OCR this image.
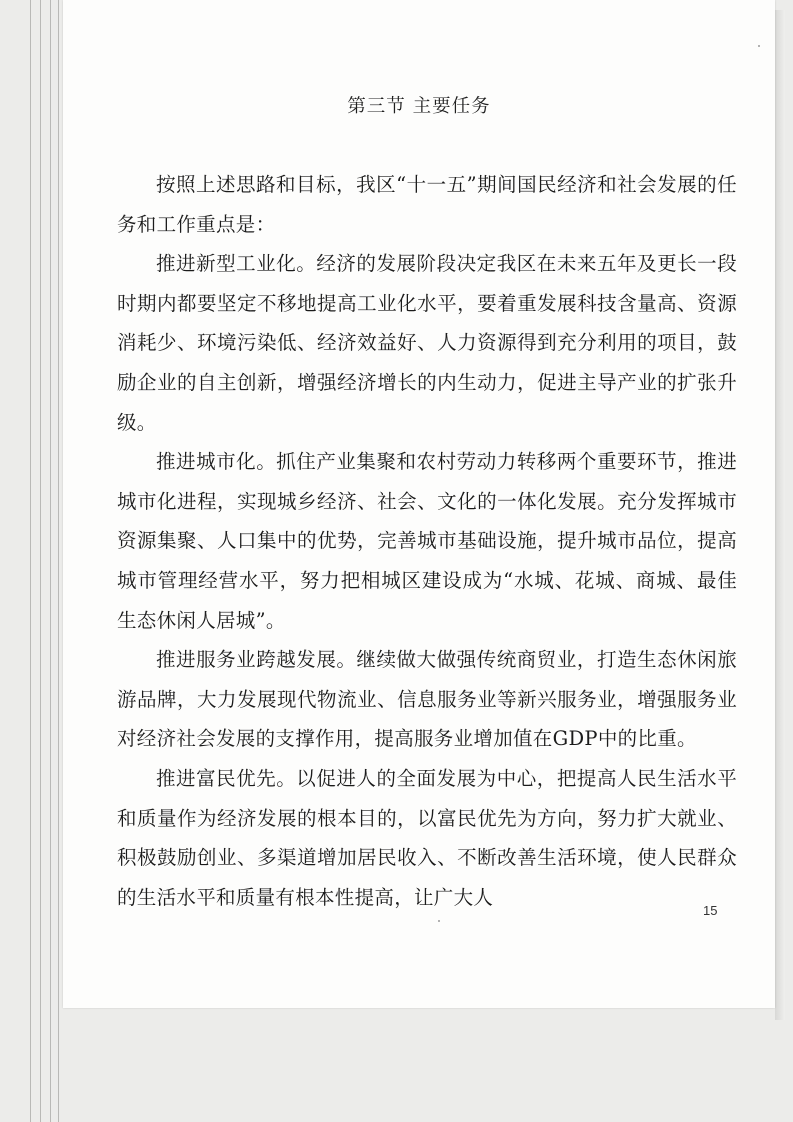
第三节 主要任务

按照上述思路和目标，我区“十一五”期间国民经济和社会发展的任务和工作重点是：

推进新型工业化。经济的发展阶段决定我区在未来五年及更长一段时期内都要坚定不移地提高工业化水平，要着重发展科技含量高、资源消耗少、环境污染低、经济效益好、人力资源得到充分利用的项目，鼓励企业的自主创新，增强经济增长的内生动力，促进主导产业的扩张升级。

推进城市化。抓住产业集聚和农村劳动力转移两个重要环节，推进城市化进程，实现城乡经济、社会、文化的一体化发展。充分发挥城市资源集聚、人口集中的优势，完善城市基础设施，提升城市品位，提高城市管理经营水平，努力把相城区建设成为“水城、花城、商城、最佳生态休闲人居城”。

推进服务业跨越发展。继续做大做强传统商贸业，打造生态休闲旅游品牌，大力发展现代物流业、信息服务业等新兴服务业，增强服务业对经济社会发展的支撑作用，提高服务业增加值在GDP中的比重。

推进富民优先。以促进人的全面发展为中心，把提高人民生活水平和质量作为经济发展的根本目的，以富民优先为方向，努力扩大就业、积极鼓励创业、多渠道增加居民收入、不断改善生活环境，使人民群众的生活水平和质量有根本性提高，让广大人

15
